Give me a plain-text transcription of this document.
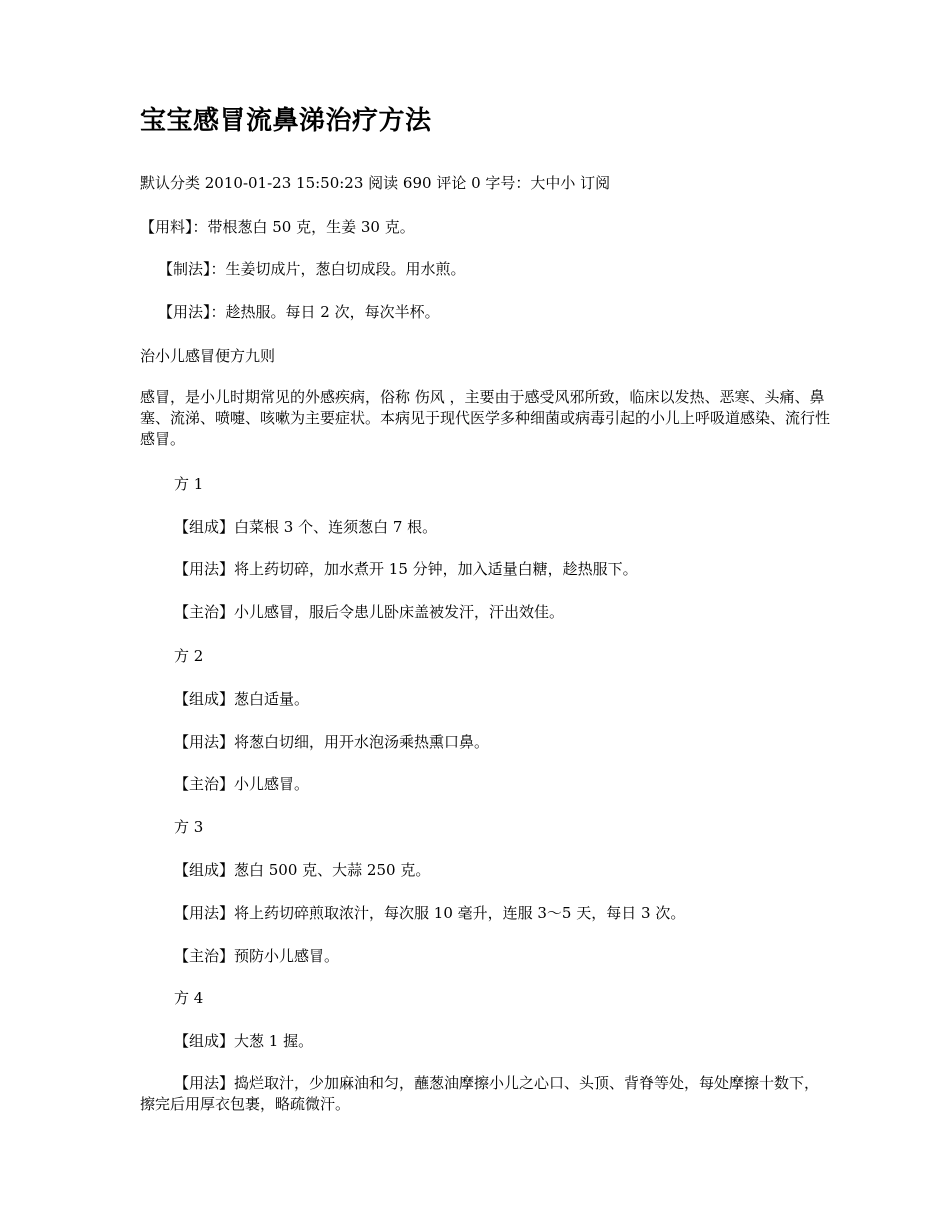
宝宝感冒流鼻涕治疗方法
默认分类 2010-01-23 15:50:23 阅读 690 评论 0 字号：大中小 订阅

【用料】：带根葱白 50 克，生姜 30 克。

【制法】：生姜切成片，葱白切成段。用水煎。

【用法】：趁热服。每日 2 次，每次半杯。

治小儿感冒便方九则

感冒，是小儿时期常见的外感疾病，俗称 伤风 ，主要由于感受风邪所致，临床以发热、恶寒、头痛、鼻塞、流涕、喷嚏、咳嗽为主要症状。本病见于现代医学多种细菌或病毒引起的小儿上呼吸道感染、流行性感冒。

方 1

【组成】白菜根 3 个、连须葱白 7 根。

【用法】将上药切碎，加水煮开 15 分钟，加入适量白糖，趁热服下。

【主治】小儿感冒，服后令患儿卧床盖被发汗，汗出效佳。

方 2

【组成】葱白适量。

【用法】将葱白切细，用开水泡汤乘热熏口鼻。

【主治】小儿感冒。

方 3

【组成】葱白 500 克、大蒜 250 克。

【用法】将上药切碎煎取浓汁，每次服 10 毫升，连服 3～5 天，每日 3 次。

【主治】预防小儿感冒。

方 4

【组成】大葱 1 握。

【用法】捣烂取汁，少加麻油和匀，蘸葱油摩擦小儿之心口、头顶、背脊等处，每处摩擦十数下，擦完后用厚衣包裹，略疏微汗。
